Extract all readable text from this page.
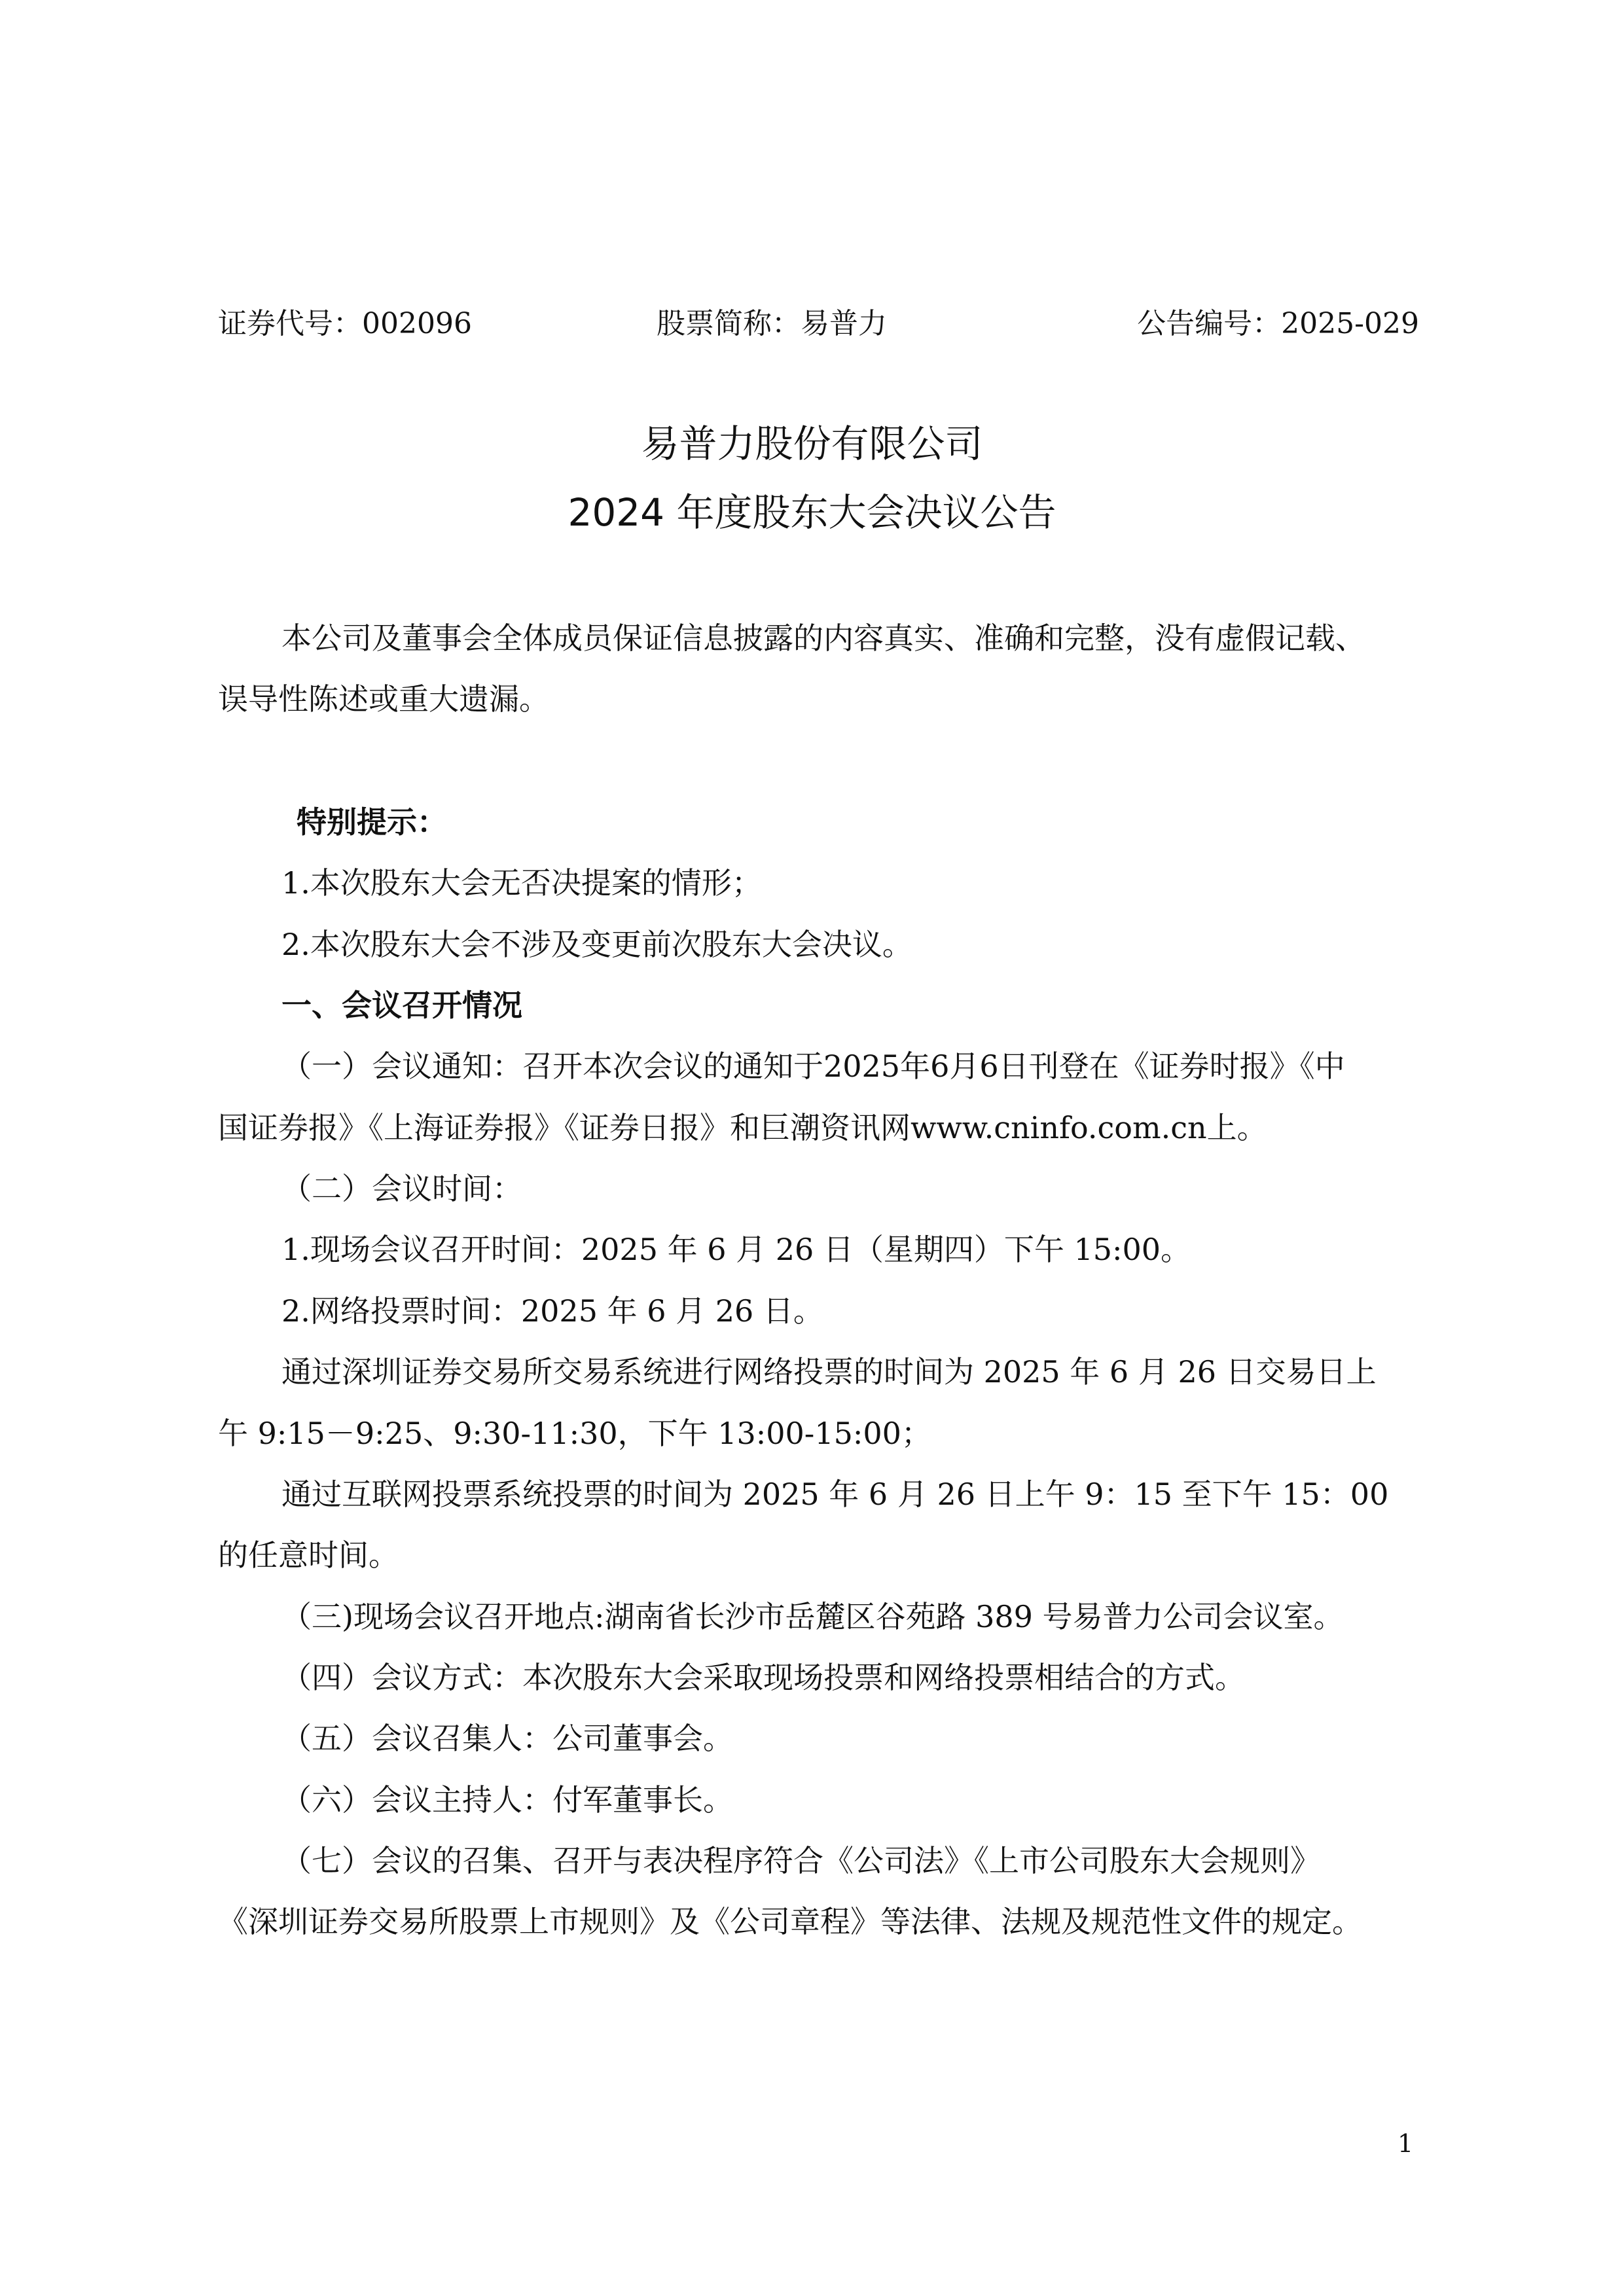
证券代号：002096	股票简称：易普力	公告编号：2025-029
易普力股份有限公司
2024 年度股东大会决议公告
本公司及董事会全体成员保证信息披露的内容真实、准确和完整，没有虚假记载、
误导性陈述或重大遗漏。
特别提示：
1.本次股东大会无否决提案的情形；
2.本次股东大会不涉及变更前次股东大会决议。
一、会议召开情况
（一）会议通知：召开本次会议的通知于2025年6月6日刊登在《证券时报》《中
国证券报》《上海证券报》《证券日报》和巨潮资讯网www.cninfo.com.cn上。
（二）会议时间：
1.现场会议召开时间：2025 年 6 月 26 日（星期四）下午 15:00。
2.网络投票时间：2025 年 6 月 26 日。
通过深圳证券交易所交易系统进行网络投票的时间为 2025 年 6 月 26 日交易日上
午 9:15－9:25、9:30-11:30，下午 13:00-15:00；
通过互联网投票系统投票的时间为 2025 年 6 月 26 日上午 9：15 至下午 15：00
的任意时间。
（三)现场会议召开地点:湖南省长沙市岳麓区谷苑路 389 号易普力公司会议室。
（四）会议方式：本次股东大会采取现场投票和网络投票相结合的方式。
（五）会议召集人：公司董事会。
（六）会议主持人：付军董事长。
（七）会议的召集、召开与表决程序符合《公司法》《上市公司股东大会规则》
《深圳证券交易所股票上市规则》及《公司章程》等法律、法规及规范性文件的规定。
1
